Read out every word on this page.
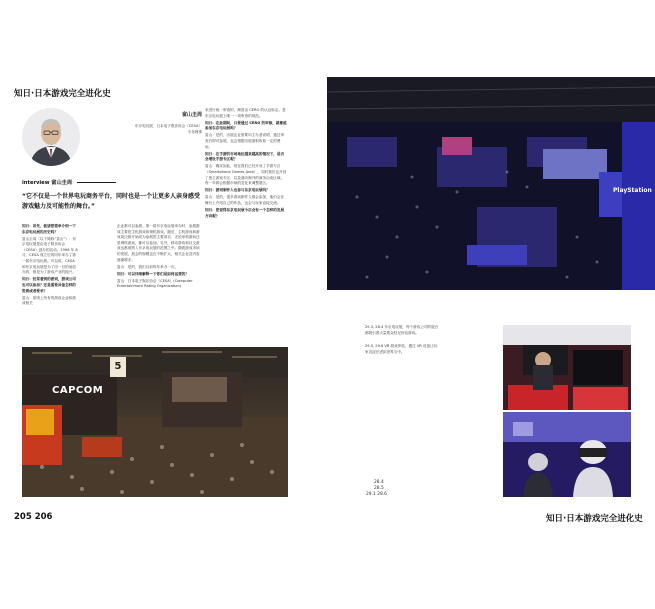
知日·日本游戏完全进化史
205 206	知日·日本游戏完全进化史
富山圭周
东京电玩展，日本电子娱乐协会（CESA）专务理事
interview 富山圭周
“它不仅是一个世界电玩商务平台，同时也是一个让更多人亲身感受游戏魅力及可能性的舞台。”

知日：首先，能请您简单介绍一下东京电玩展的历史吗？

富山圭周（以下简称“富山”）：东京电玩展是由电子娱乐协会（CESA）创办的活动。1996 年 8 月，CESA 成立后的同年举办了第一届东京电玩展。可以说，CESA 和东京电玩展是为了同一目的而创办的，都是为了游戏产业的振兴。

知日：经常看到的游戏，游戏公司也可以参加？还是需要具备怎样的资质或者要求？

富山：原则上所有的游戏企业和游戏相关

企业都可以参展。第一届东京电玩展举办时，参展游戏主要是主机游戏和街机游戏。随后，主机游戏和游戏周边都开始成为参展的主要项目，无论单机游戏还是网络游戏，都可以参加。另外，移动游戏和社交游戏也都被纳入东京电玩展的范围之中。随着游戏市场的发展，展会的规模也在不断扩大，相关企业及内容逐渐增多。

富山：是的，我们目前每年举办一次。

知日：可以详细解释一下你们是如何运营的？

富山：日本电子娱乐协会（CESA）(Computer Entertainment Rating Organization)

来进行统一审查的，制度由 CERO 的认证标志，是东京电玩展上唯一一项审查的规范。

知日：在此期间，只要通过 CERO 的审核，就都能参加东京电玩展吗？

富山：是的，出展企业需要向主办者说明，通过审查后即可参展。也会根据出展面积收取一定的费用。

知日：在手游的市场地位越来越高的情况下，是否会增设手游专区呢？

富山：确实如此，现在我们已经开设了手游专区（Smartphone Games Area），同时我们也开设了独立游戏专区，以及面向海外的商务洽谈区域。每一年都会根据市场的变化来调整展区。

知日：游戏制作人也参与东京电玩展吗？

富山：是的，很多游戏制作人都会参加，他们会在舞台上介绍自己的作品，也会与玩家直接交流。

知日：您觉得东京电玩展今后会有一个怎样的发展方向呢？

CAPCOM
5
PlayStation
29.3, 28.4 东京电玩展，每个游戏公司的展台都吸引着大量观众驻足体验游戏。
29.5, 29.6 VR 游戏体验，通过 VR 设备让玩家沉浸在虚拟世界当中。
28.4
28.5
29.1 28.6
